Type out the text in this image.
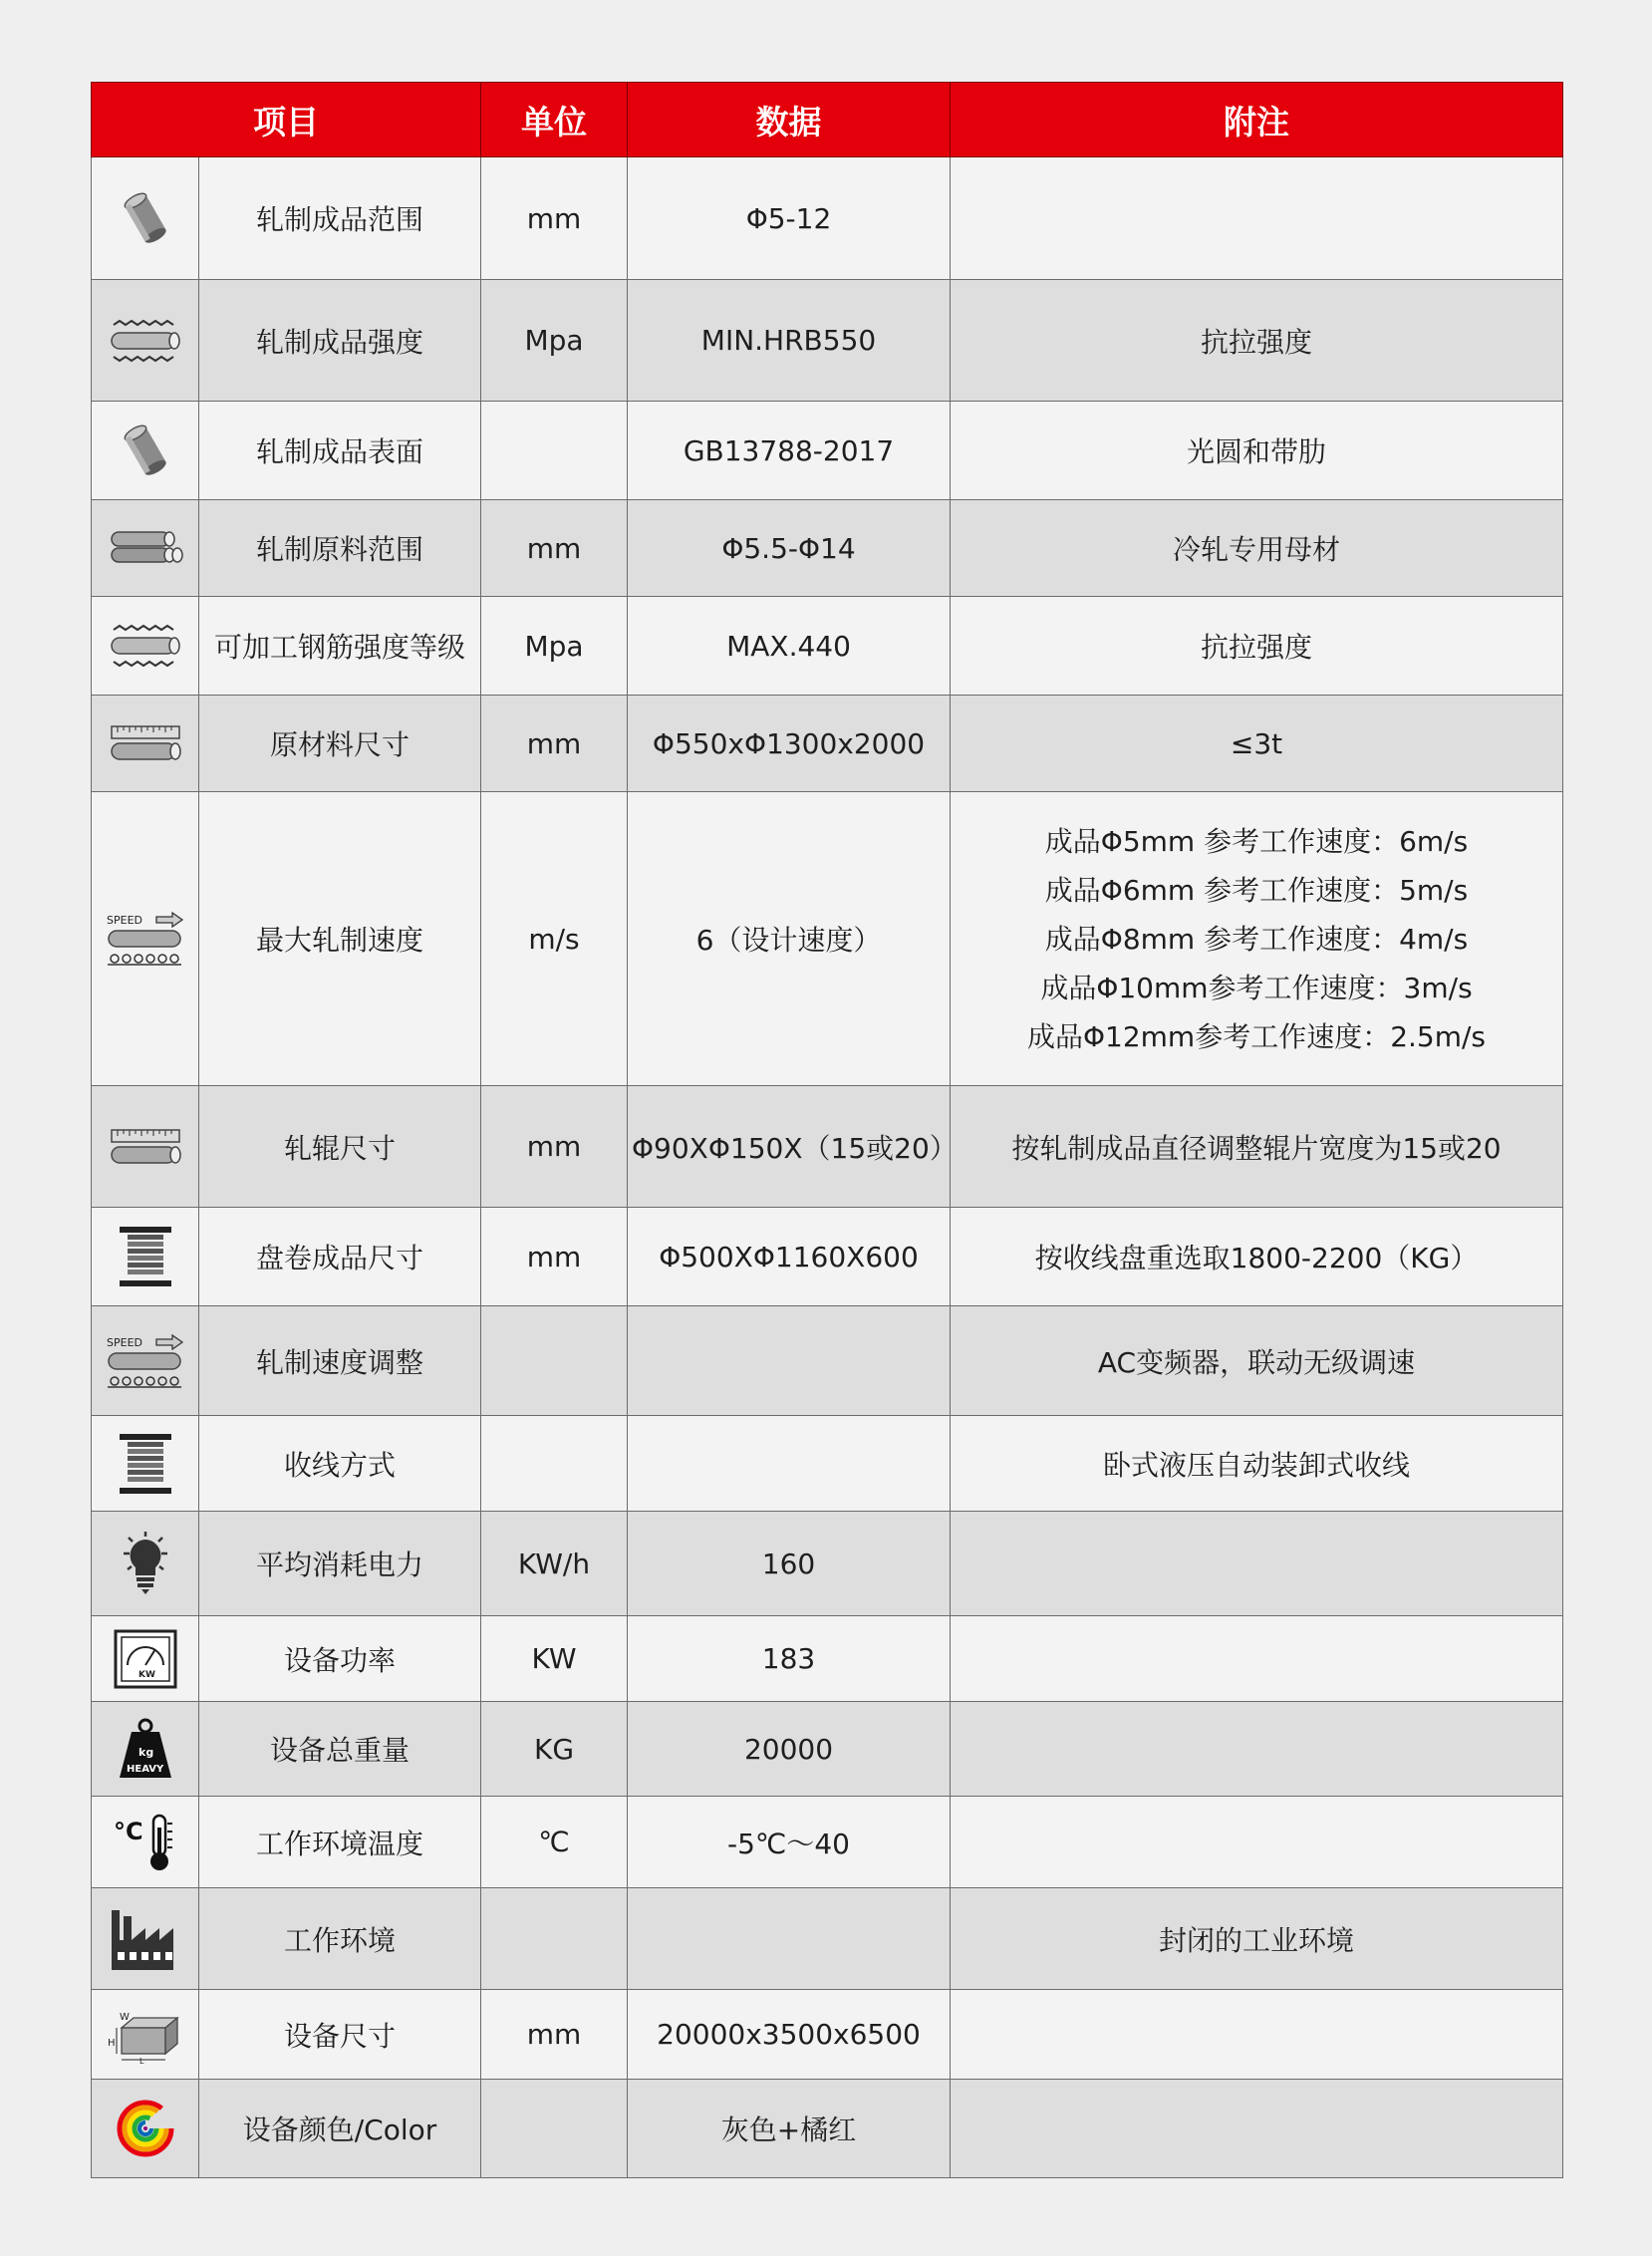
项目		单位	数据	附注

	轧制成品范围	mm	Φ5-12	

	轧制成品强度	Mpa	MIN.HRB550	抗拉强度

	轧制成品表面		GB13788-2017	光圆和带肋

	轧制原料范围	mm	Φ5.5-Φ14	冷轧专用母材

	可加工钢筋强度等级	Mpa	MAX.440	抗拉强度

	原材料尺寸	mm	Φ550xΦ1300x2000	≤3t

SPEED	最大轧制速度	m/s	6（设计速度）	成品Φ5mm 参考工作速度：6m/s
成品Φ6mm 参考工作速度：5m/s
成品Φ8mm 参考工作速度：4m/s
成品Φ10mm参考工作速度：3m/s
成品Φ12mm参考工作速度：2.5m/s

	轧辊尺寸	mm	Φ90XΦ150X（15或20）	按轧制成品直径调整辊片宽度为15或20

	盘卷成品尺寸	mm	Φ500XΦ1160X600	按收线盘重选取1800-2200（KG）

SPEED	轧制速度调整			AC变频器，联动无级调速

	收线方式			卧式液压自动装卸式收线

	平均消耗电力	KW/h	160	

KW	设备功率	KW	183	

kg
HEAVY	设备总重量	KG	20000	

°C	工作环境温度	℃	-5℃～40	

	工作环境			封闭的工业环境

W
H
L	设备尺寸	mm	20000x3500x6500	

	设备颜色/Color		灰色+橘红	
